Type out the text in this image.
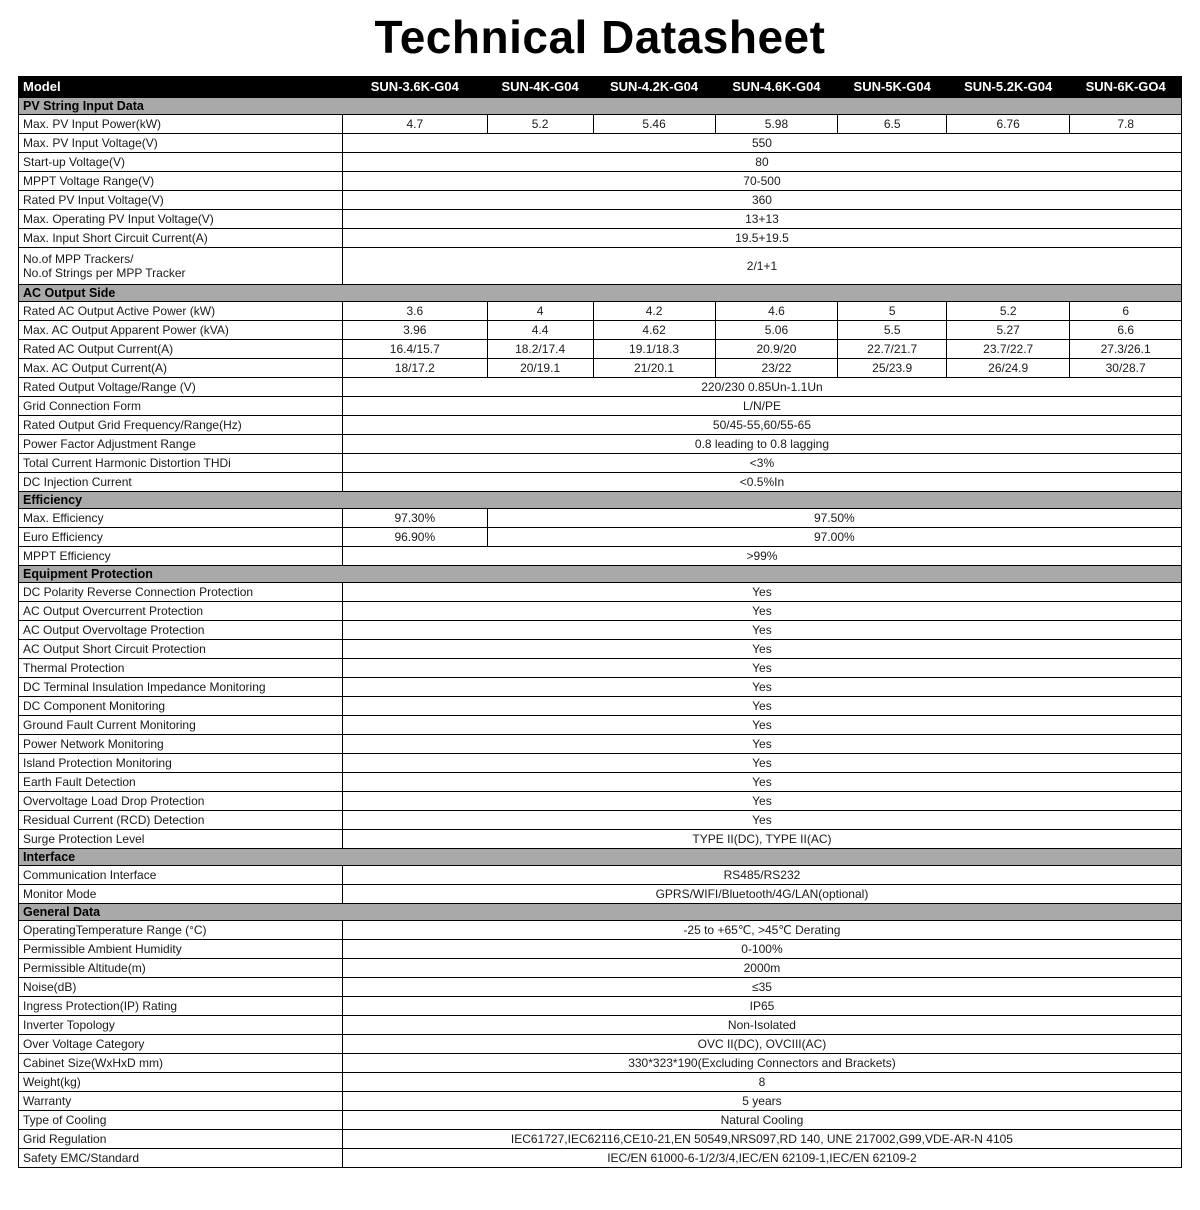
Technical Datasheet
Model	SUN-3.6K-G04	SUN-4K-G04	SUN-4.2K-G04	SUN-4.6K-G04	SUN-5K-G04	SUN-5.2K-G04	SUN-6K-GO4
PV String Input Data							
Max. PV Input Power(kW)	4.7	5.2	5.46	5.98	6.5	6.76	7.8
Max. PV Input Voltage(V)	550						
Start-up Voltage(V)	80						
MPPT Voltage Range(V)	70-500						
Rated PV Input Voltage(V)	360						
Max. Operating PV Input Voltage(V)	13+13						
Max. Input Short Circuit Current(A)	19.5+19.5						
No.of MPP Trackers/
No.of Strings per MPP Tracker	2/1+1						
AC Output Side							
Rated AC Output Active Power (kW)	3.6	4	4.2	4.6	5	5.2	6
Max. AC Output Apparent Power (kVA)	3.96	4.4	4.62	5.06	5.5	5.27	6.6
Rated AC Output Current(A)	16.4/15.7	18.2/17.4	19.1/18.3	20.9/20	22.7/21.7	23.7/22.7	27.3/26.1
Max. AC Output Current(A)	18/17.2	20/19.1	21/20.1	23/22	25/23.9	26/24.9	30/28.7
Rated Output Voltage/Range (V)	220/230 0.85Un-1.1Un						
Grid Connection Form	L/N/PE						
Rated Output Grid Frequency/Range(Hz)	50/45-55,60/55-65						
Power Factor Adjustment Range	0.8 leading to 0.8 lagging						
Total Current Harmonic Distortion THDi	<3%						
DC Injection Current	<0.5%In						
Efficiency							
Max. Efficiency	97.30%	97.50%					
Euro Efficiency	96.90%	97.00%					
MPPT Efficiency	>99%						
Equipment Protection							
DC Polarity Reverse Connection Protection	Yes						
AC Output Overcurrent Protection	Yes						
AC Output Overvoltage Protection	Yes						
AC Output Short Circuit Protection	Yes						
Thermal Protection	Yes						
DC Terminal Insulation Impedance Monitoring	Yes						
DC Component Monitoring	Yes						
Ground Fault Current Monitoring	Yes						
Power Network Monitoring	Yes						
Island Protection Monitoring	Yes						
Earth Fault Detection	Yes						
Overvoltage Load Drop Protection	Yes						
Residual Current (RCD) Detection	Yes						
Surge Protection Level	TYPE II(DC), TYPE II(AC)						
Interface							
Communication Interface	RS485/RS232						
Monitor Mode	GPRS/WIFI/Bluetooth/4G/LAN(optional)						
General Data							
OperatingTemperature Range (°C)	-25 to +65℃, >45℃ Derating						
Permissible Ambient Humidity	0-100%						
Permissible Altitude(m)	2000m						
Noise(dB)	≤35						
Ingress Protection(IP) Rating	IP65						
Inverter Topology	Non-Isolated						
Over Voltage Category	OVC II(DC), OVCIII(AC)						
Cabinet Size(WxHxD mm)	330*323*190(Excluding Connectors and Brackets)						
Weight(kg)	8						
Warranty	5 years						
Type of Cooling	Natural Cooling						
Grid Regulation	IEC61727,IEC62116,CE10-21,EN 50549,NRS097,RD 140, UNE 217002,G99,VDE-AR-N 4105						
Safety EMC/Standard	IEC/EN 61000-6-1/2/3/4,IEC/EN 62109-1,IEC/EN 62109-2						
